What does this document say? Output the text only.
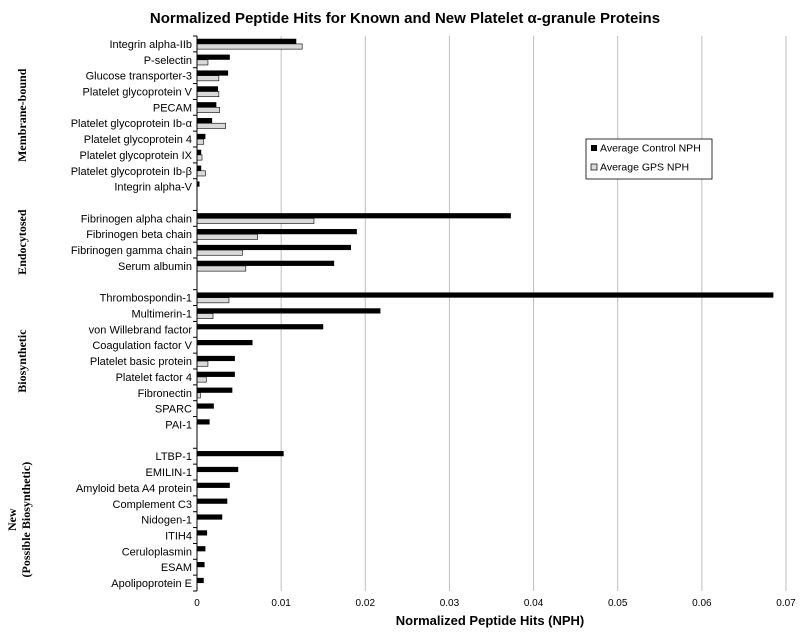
Normalized Peptide Hits for Known and New Platelet α-granule Proteins
0	0.01	0.02	0.03	0.04	0.05	0.06	0.07
Integrin alpha-IIb
P-selectin
Glucose transporter-3
Platelet glycoprotein V
PECAM
Platelet glycoprotein Ib-α
Platelet glycoprotein 4
Platelet glycoprotein IX
Platelet glycoprotein Ib-β
Integrin alpha-V
Fibrinogen alpha chain
Fibrinogen beta chain
Fibrinogen gamma chain
Serum albumin
Thrombospondin-1
Multimerin-1
von Willebrand factor
Coagulation factor V
Platelet basic protein
Platelet factor 4
Fibronectin
SPARC
PAI-1
LTBP-1
EMILIN-1
Amyloid beta A4 protein
Complement C3
Nidogen-1
ITIH4
Ceruloplasmin
ESAM
Apolipoprotein E
Membrane-bound
Endocytosed
Biosynthetic
New(Possible Biosynthetic)
Normalized Peptide Hits (NPH)
Average Control NPH
Average GPS NPH
